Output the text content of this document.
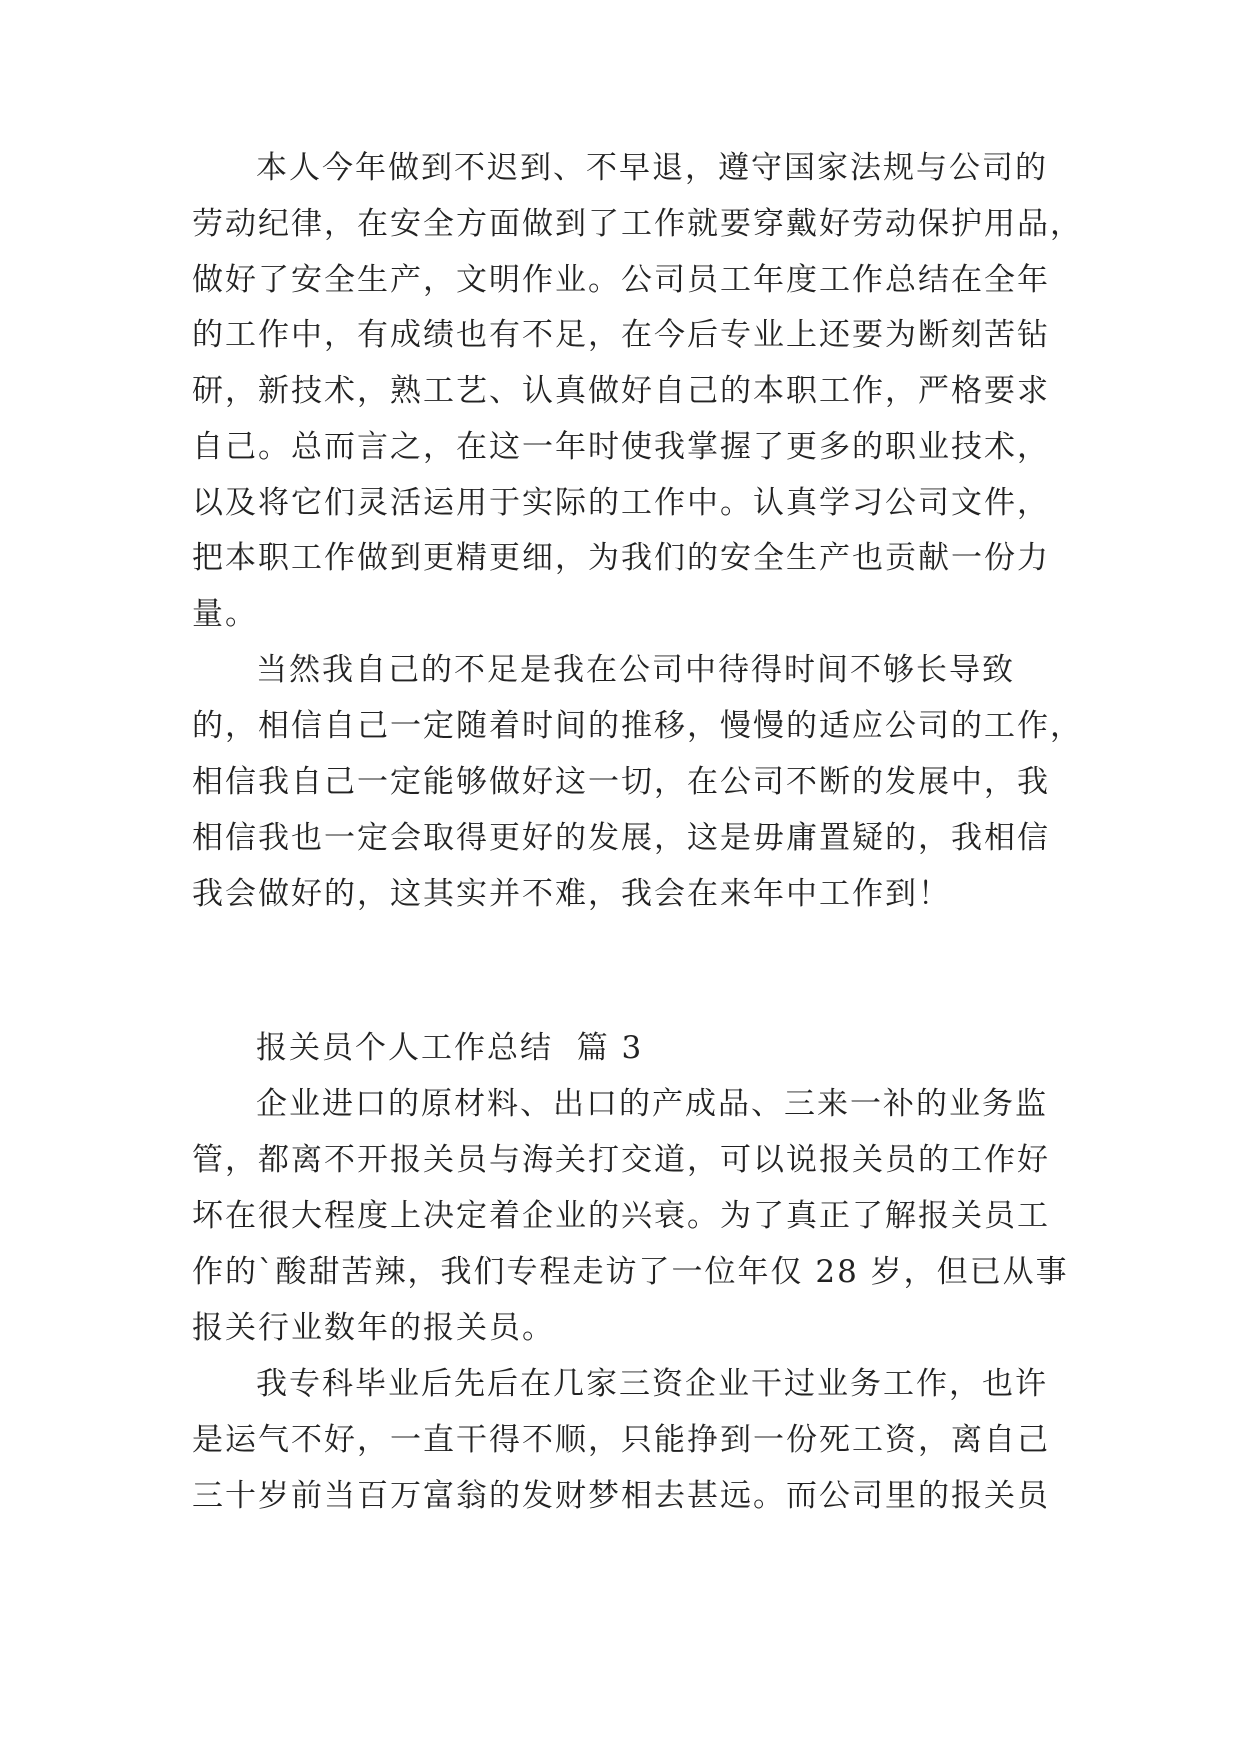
本人今年做到不迟到、不早退，遵守国家法规与公司的
劳动纪律，在安全方面做到了工作就要穿戴好劳动保护用品，
做好了安全生产，文明作业。公司员工年度工作总结在全年
的工作中，有成绩也有不足，在今后专业上还要为断刻苦钻
研，新技术，熟工艺、认真做好自己的本职工作，严格要求
自己。总而言之，在这一年时使我掌握了更多的职业技术，
以及将它们灵活运用于实际的工作中。认真学习公司文件，
把本职工作做到更精更细，为我们的安全生产也贡献一份力
量。
当然我自己的不足是我在公司中待得时间不够长导致
的，相信自己一定随着时间的推移，慢慢的适应公司的工作，
相信我自己一定能够做好这一切，在公司不断的发展中，我
相信我也一定会取得更好的发展，这是毋庸置疑的，我相信
我会做好的，这其实并不难，我会在来年中工作到！
报关员个人工作总结  篇 3
企业进口的原材料、出口的产成品、三来一补的业务监
管，都离不开报关员与海关打交道，可以说报关员的工作好
坏在很大程度上决定着企业的兴衰。为了真正了解报关员工
作的`酸甜苦辣，我们专程走访了一位年仅 28 岁，但已从事
报关行业数年的报关员。
我专科毕业后先后在几家三资企业干过业务工作，也许
是运气不好，一直干得不顺，只能挣到一份死工资，离自己
三十岁前当百万富翁的发财梦相去甚远。而公司里的报关员
